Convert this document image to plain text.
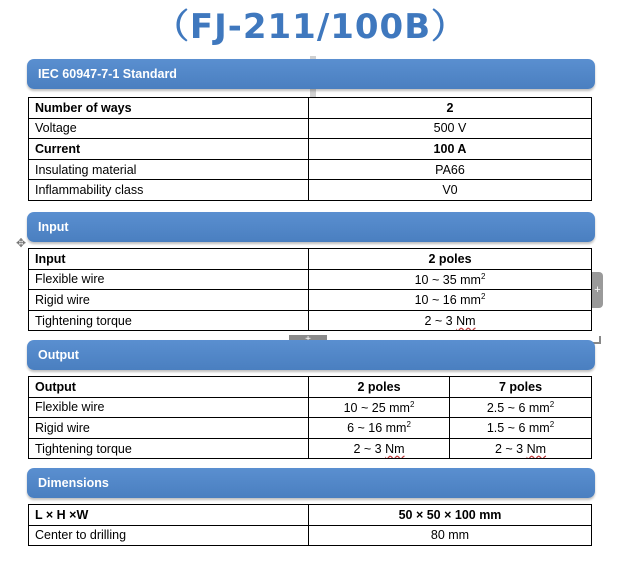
（FJ-211/100B）
IEC 60947-7-1 Standard
Number of ways	2
Voltage	500 V
Current	100 A
Insulating material	PA66
Inflammability class	V0
Input
✥
Input	2 poles
Flexible wire	10 ~ 35 $mm^2$
Rigid wire	10 ~ 16 $mm^2$
Tightening torque	2 ~ 3 Nm
+
Output
Output	2 poles	7 poles
Flexible wire	10 ~ 25 $mm^2$	2.5 ~ 6 $mm^2$
Rigid wire	6 ~ 16 $mm^2$	1.5 ~ 6 $mm^2$
Tightening torque	2 ~ 3 Nm	2 ~ 3 Nm
Dimensions
L × H ×W	50 × 50 × 100 mm
Center to drilling	80 mm
